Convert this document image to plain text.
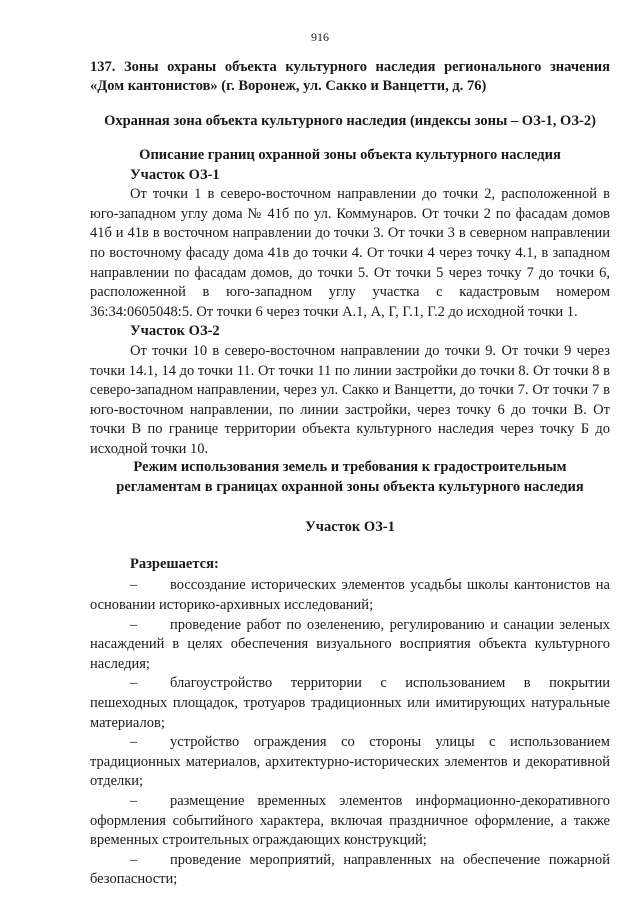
916
137. Зоны охраны объекта культурного наследия регионального значения «Дом кантонистов» (г. Воронеж, ул. Сакко и Ванцетти, д. 76)
Охранная зона объекта культурного наследия (индексы зоны – ОЗ-1, ОЗ-2)
Описание границ охранной зоны объекта культурного наследия
Участок ОЗ-1
От точки 1 в северо-восточном направлении до точки 2, расположенной в юго-западном углу дома № 41б по ул. Коммунаров. От точки 2 по фасадам домов 41б и 41в в восточном направлении до точки 3. От точки 3 в северном направлении по восточному фасаду дома 41в до точки 4. От точки 4 через точку 4.1, в западном направлении по фасадам домов, до точки 5. От точки 5 через точку 7 до точки 6, расположенной в юго-западном углу участка с кадастровым номером 36:34:0605048:5. От точки 6 через точки А.1, А, Г, Г.1, Г.2 до исходной точки 1.
Участок ОЗ-2
От точки 10 в северо-восточном направлении до точки 9. От точки 9 через точки 14.1, 14 до точки 11. От точки 11 по линии застройки до точки 8. От точки 8 в северо-западном направлении, через ул. Сакко и Ванцетти, до точки 7. От точки 7 в юго-восточном направлении, по линии застройки, через точку 6 до точки В. От точки В по границе территории объекта культурного наследия через точку Б до исходной точки 10.
Режим использования земель и требования к градостроительным
регламентам в границах охранной зоны объекта культурного наследия
Участок ОЗ-1
Разрешается:
– воссоздание исторических элементов усадьбы школы кантонистов на основании историко-архивных исследований;
– проведение работ по озеленению, регулированию и санации зеленых насаждений в целях обеспечения визуального восприятия объекта культурного наследия;
– благоустройство территории с использованием в покрытии пешеходных площадок, тротуаров традиционных или имитирующих натуральные материалов;
– устройство ограждения со стороны улицы с использованием традиционных материалов, архитектурно-исторических элементов и декоративной отделки;
– размещение временных элементов информационно-декоративного оформления событийного характера, включая праздничное оформление, а также временных строительных ограждающих конструкций;
– проведение мероприятий, направленных на обеспечение пожарной безопасности;
